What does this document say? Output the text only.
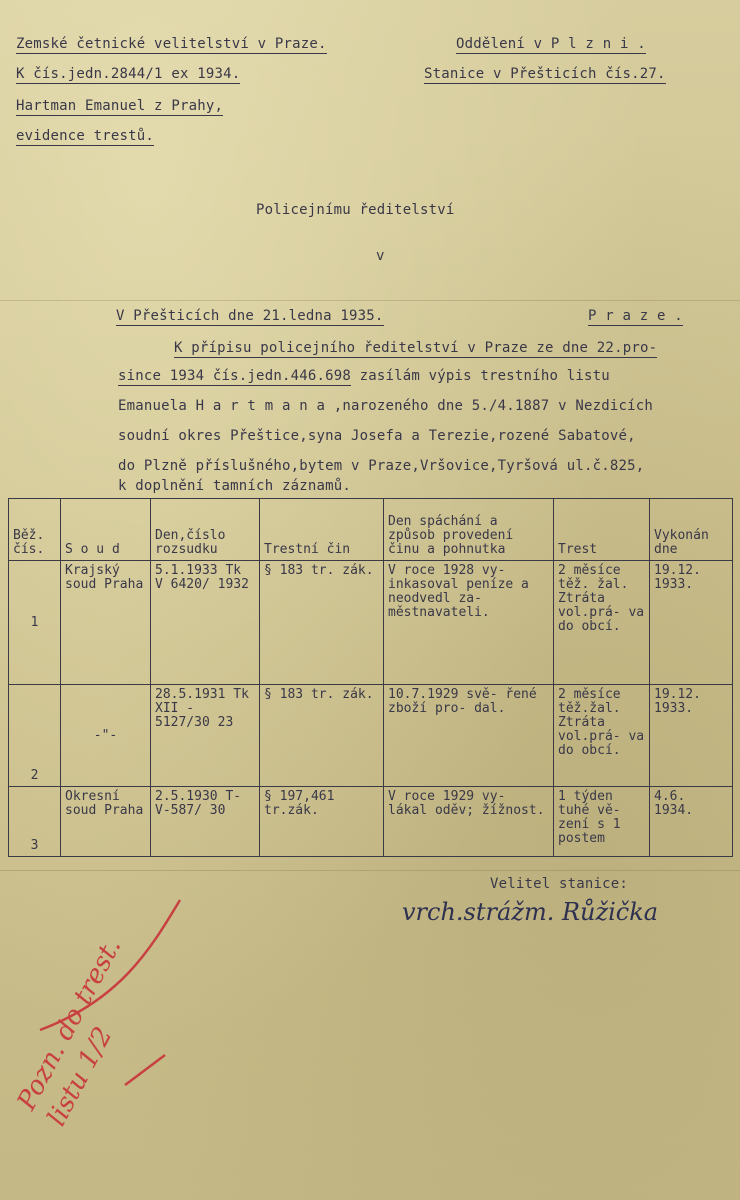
Zemské četnické velitelství v Praze.
K čís.jedn.2844/1 ex 1934.
Hartman Emanuel z Prahy,
evidence trestů.
Oddělení v P l z n i .
Stanice v Přešticích čís.27.
Policejnímu ředitelství
v
V Přešticích dne 21.ledna 1935.	P r a z e .
K přípisu policejního ředitelství v Praze ze dne 22.pro-
since 1934 čís.jedn.446.698 zasílám výpis trestního listu
Emanuela H a r t m a n a ,narozeného dne 5./4.1887 v Nezdicích
soudní okres Přeštice,syna Josefa a Terezie,rozené Sabatové,
do Plzně příslušného,bytem v Praze,Vršovice,Tyršová ul.č.825,
k doplnění tamních záznamů.
Běž. čís.	S o u d	Den,číslo rozsudku	Trestní čin	Den spáchání a způsob provedení činu a pohnutka	Trest	Vykonán dne
1	Krajský soud Praha	5.1.1933 Tk V 6420/ 1932	§ 183 tr. zák.	V roce 1928 vy- inkasoval peníze a neodvedl za- městnavateli.	2 měsíce těž. žal. Ztráta vol.prá- va do obcí.	19.12. 1933.
2	-"-	28.5.1931 Tk XII - 5127/30 23	§ 183 tr. zák.	10.7.1929 svě- řené zboží pro- dal.	2 měsíce těž.žal. Ztráta vol.prá- va do obcí.	19.12. 1933.
3	Okresní soud Praha	2.5.1930 T-V-587/ 30	§ 197,461 tr.zák.	V roce 1929 vy- lákal oděv; žížnost.	1 týden tuhé vě- zení s 1 postem	4.6. 1934.
Velitel stanice:
vrch.strážm. Růžička
Pozn. do trest. listu 1/2
